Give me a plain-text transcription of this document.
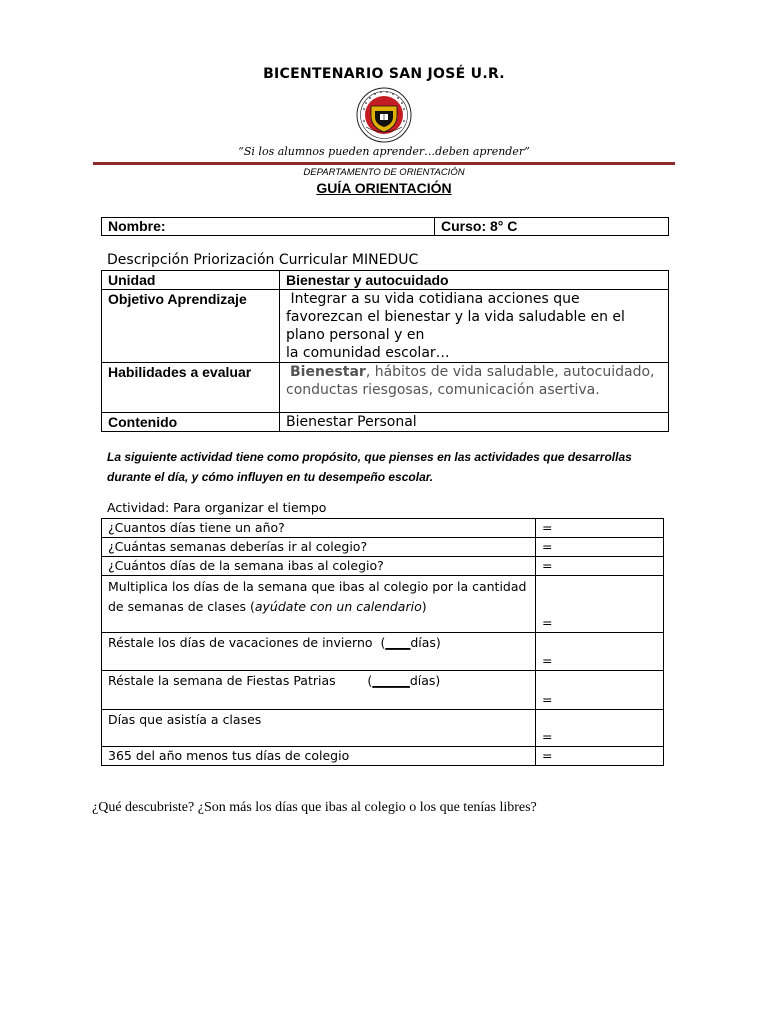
BICENTENARIO SAN JOSÉ U.R.
“Si los alumnos pueden aprender…deben aprender”
DEPARTAMENTO DE ORIENTACIÓN
GUÍA ORIENTACIÓN
Nombre:	Curso: 8° C
Descripción Priorización Curricular MINEDUC
Unidad	Bienestar y autocuidado
Objetivo Aprendizaje	Integrar a su vida cotidiana acciones que
favorezcan el bienestar y la vida saludable en el
plano personal y en
la comunidad escolar…

Habilidades a evaluar	Bienestar, hábitos de vida saludable, autocuidado,
conductas riesgosas, comunicación asertiva.

Contenido	Bienestar Personal
La siguiente actividad tiene como propósito, que pienses en las actividades que desarrollas
durante el día, y cómo influyen en tu desempeño escolar.
Actividad: Para organizar el tiempo
¿Cuantos días tiene un año?	=
¿Cuántas semanas deberías ir al colegio?	=
¿Cuántos días de la semana ibas al colegio?	=

Multiplica los días de la semana que ibas al colegio por la cantidad
de semanas de clases (ayúdate con un calendario)	=
Réstale los días de vacaciones de invierno  (____días)	=
Réstale la semana de Fiestas Patrias        (______días)	=
Días que asistía a clases	=
365 del año menos tus días de colegio	=
¿Qué descubriste? ¿Son más los días que ibas al colegio o los que tenías libres?
